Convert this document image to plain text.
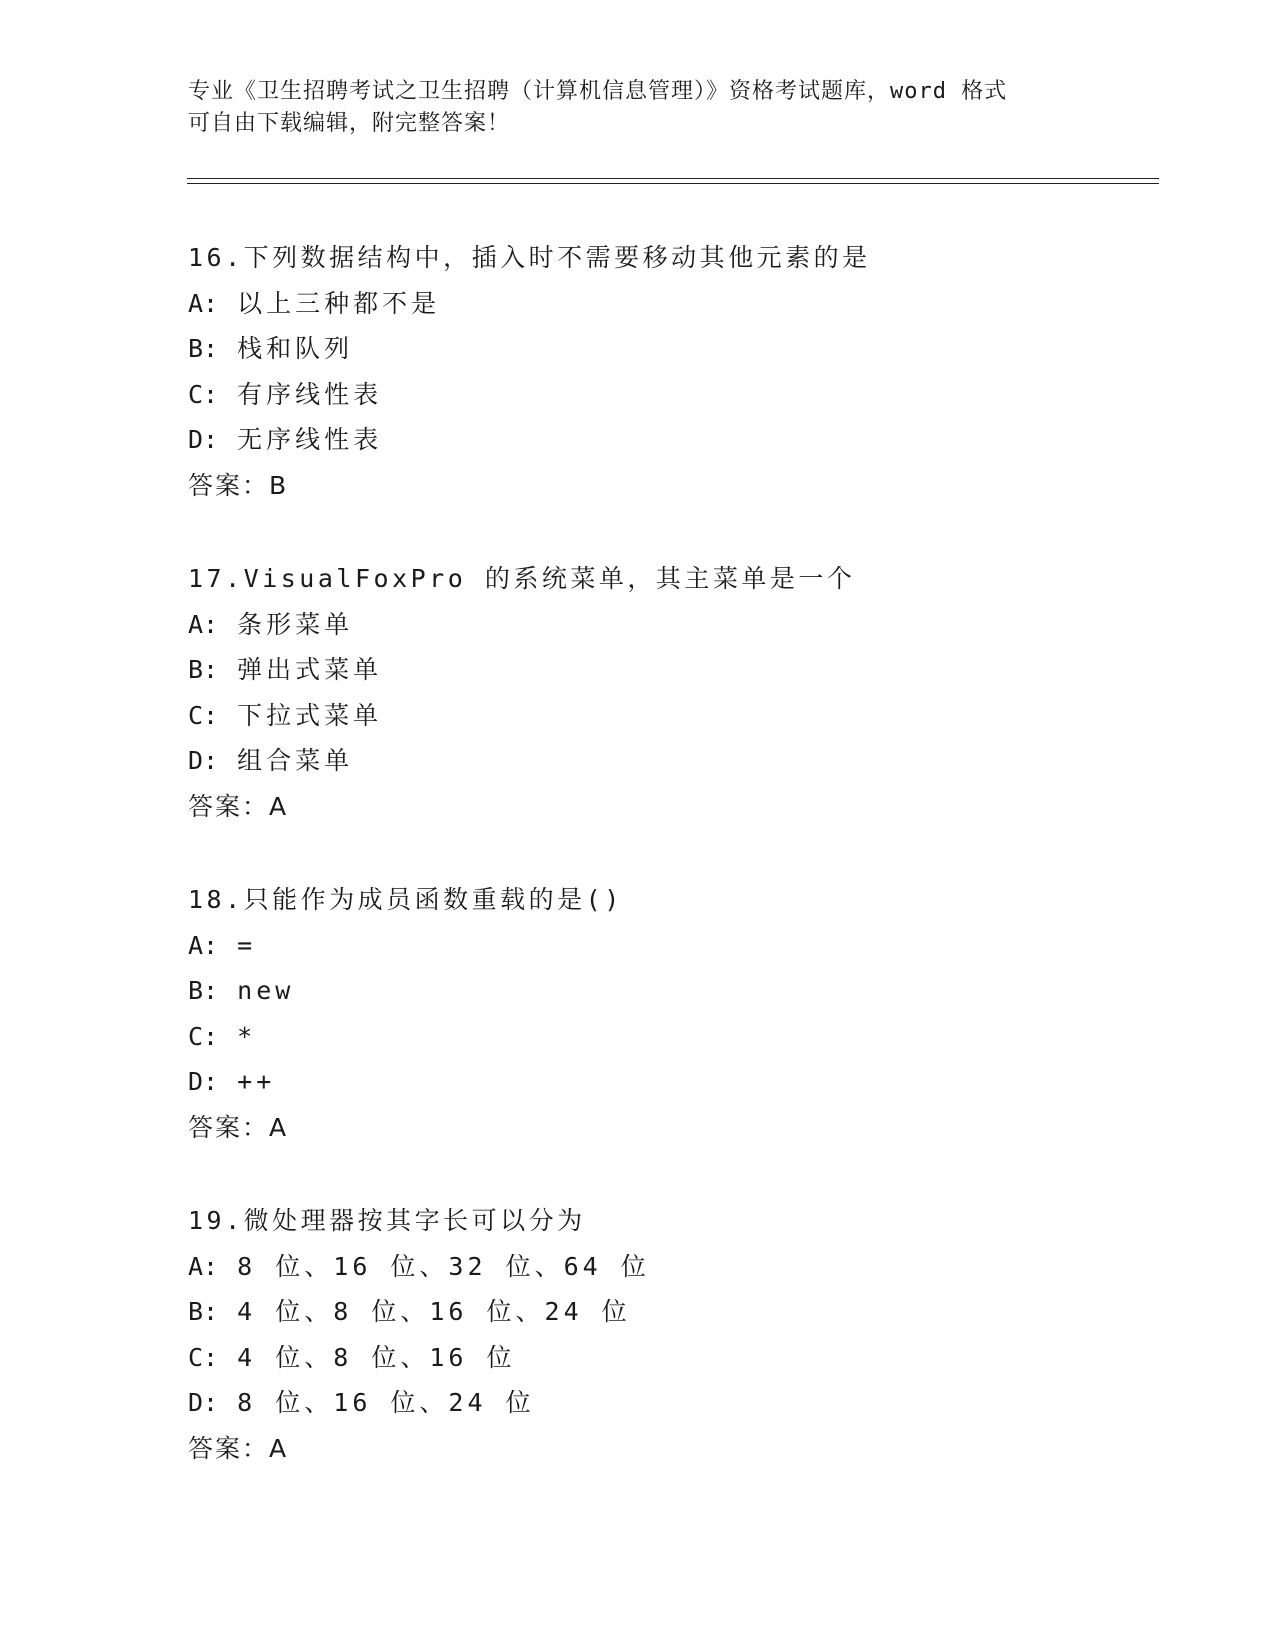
专业《卫生招聘考试之卫生招聘（计算机信息管理）》资格考试题库，word 格式
可自由下载编辑，附完整答案！
16.下列数据结构中，插入时不需要移动其他元素的是
A: 以上三种都不是
B: 栈和队列
C: 有序线性表
D: 无序线性表
答案：B
17.VisualFoxPro 的系统菜单，其主菜单是一个
A: 条形菜单
B: 弹出式菜单
C: 下拉式菜单
D: 组合菜单
答案：A
18.只能作为成员函数重载的是()
A: =
B: new
C: *
D: ++
答案：A
19.微处理器按其字长可以分为
A: 8 位、16 位、32 位、64 位
B: 4 位、8 位、16 位、24 位
C: 4 位、8 位、16 位
D: 8 位、16 位、24 位
答案：A
